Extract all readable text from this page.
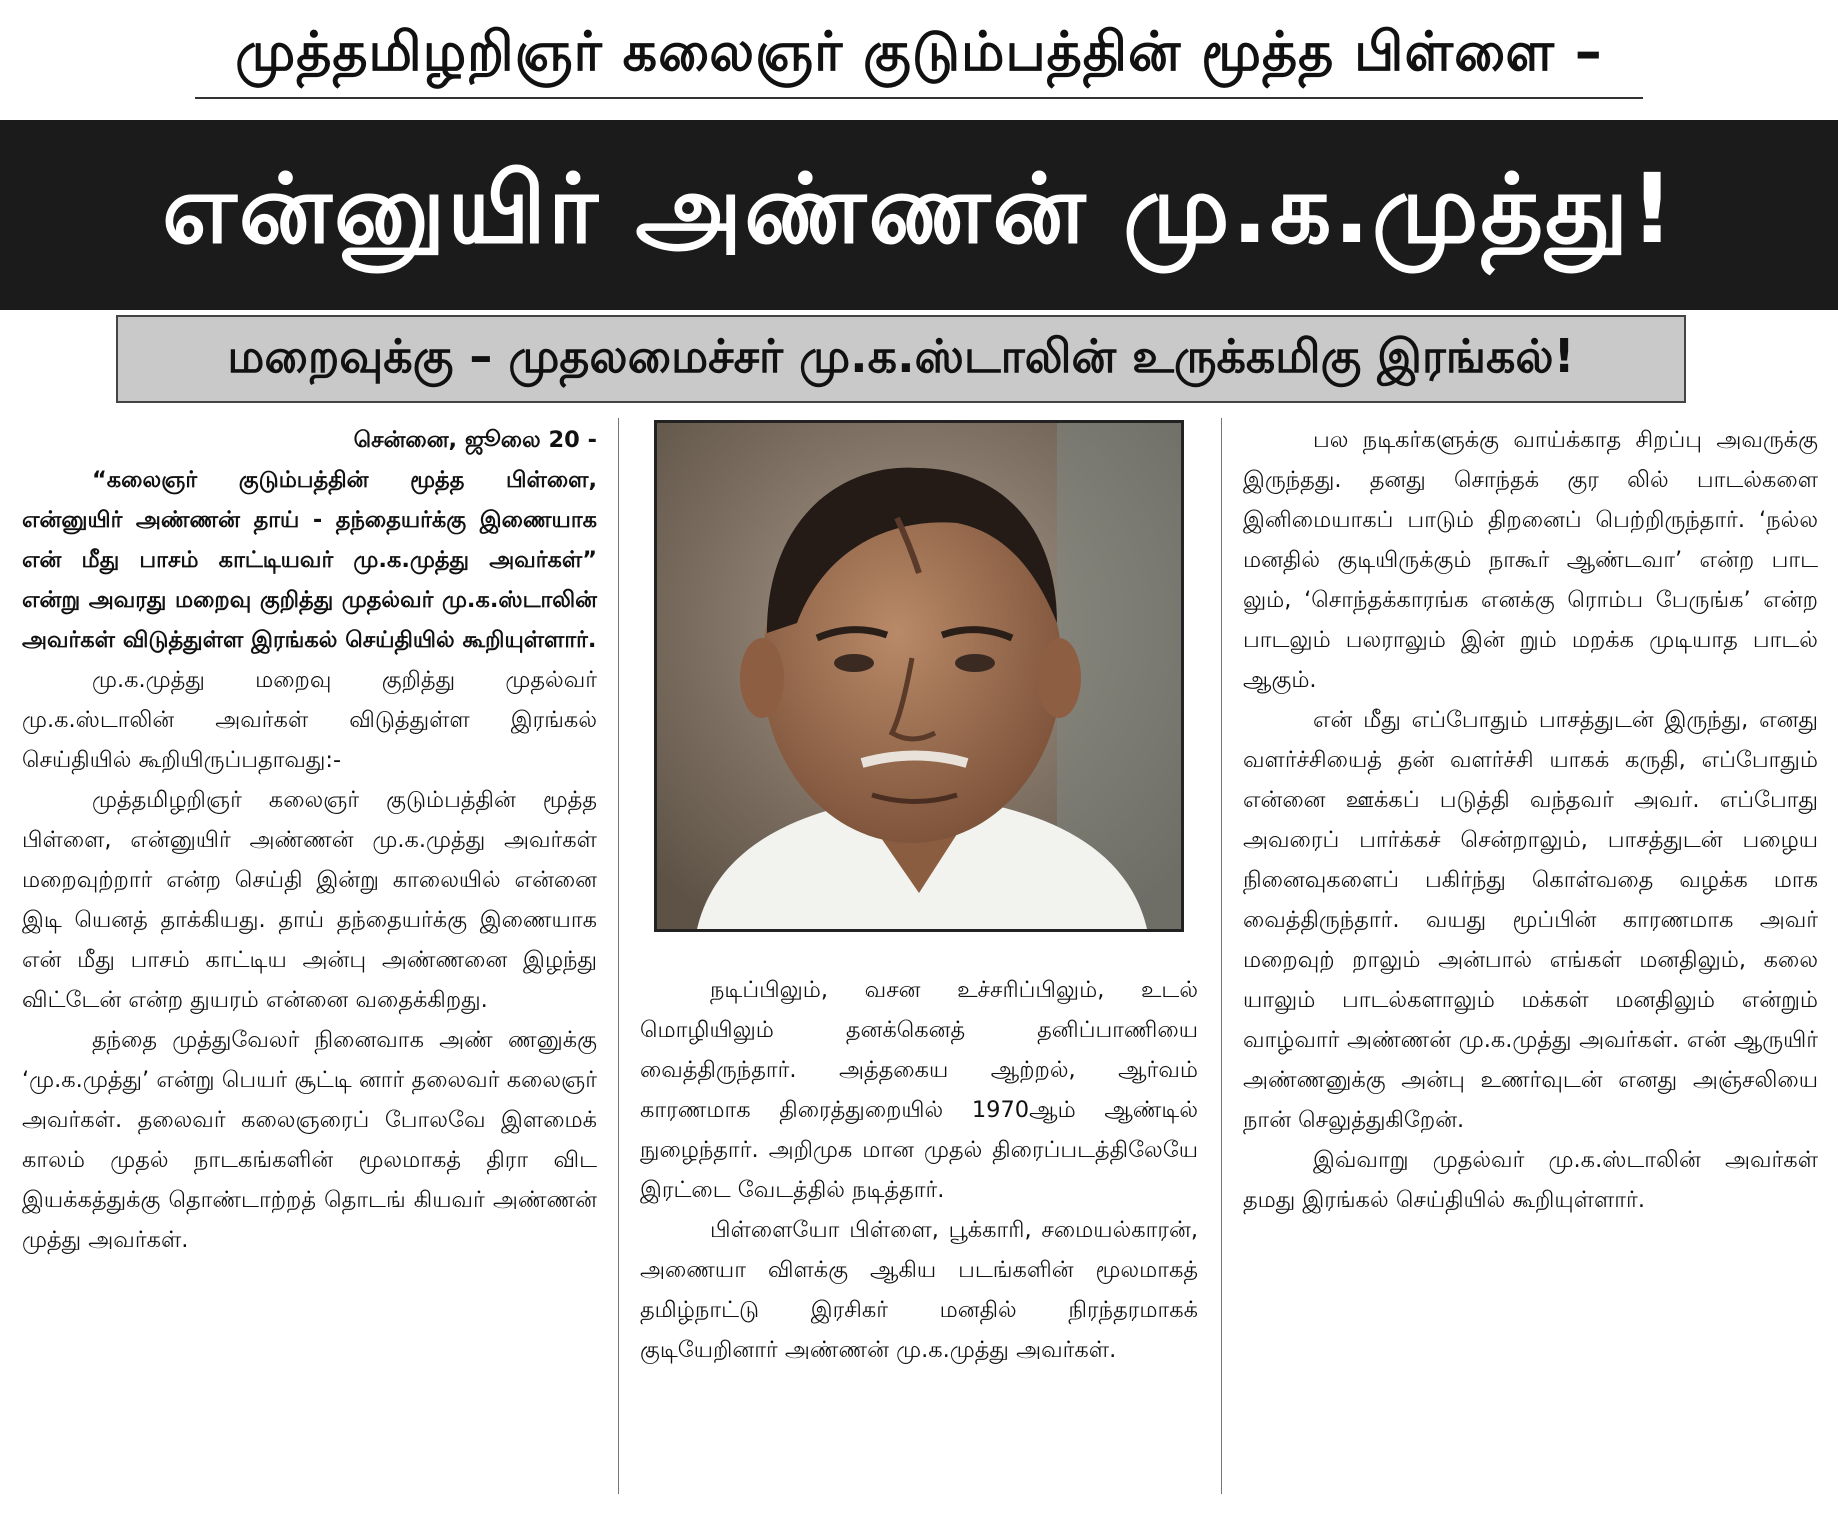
முத்தமிழறிஞர் கலைஞர் குடும்பத்தின் மூத்த பிள்ளை –
என்னுயிர் அண்ணன் மு.க.முத்து!
மறைவுக்கு – முதலமைச்சர் மு.க.ஸ்டாலின் உருக்கமிகு இரங்கல்!

சென்னை, ஜூலை 20 -

“கலைஞர் குடும்பத்தின் மூத்த பிள்ளை, என்னுயிர் அண்ணன் தாய் - தந்தையர்க்கு இணையாக என் மீது பாசம் காட்டியவர் மு.க.முத்து அவர்கள்” என்று அவரது மறைவு குறித்து முதல்வர் மு.க.ஸ்டாலின் அவர்கள் விடுத்துள்ள இரங்கல் செய்தியில் கூறியுள்ளார்.

மு.க.முத்து மறைவு குறித்து முதல்வர் மு.க.ஸ்டாலின் அவர்கள் விடுத்துள்ள இரங்கல் செய்தியில் கூறியிருப்பதாவது:-

முத்தமிழறிஞர் கலைஞர் குடும்பத்தின் மூத்த பிள்ளை, என்னுயிர் அண்ணன் மு.க.முத்து அவர்கள் மறைவுற்றார் என்ற செய்தி இன்று காலையில் என்னை இடி யெனத் தாக்கியது. தாய் தந்தையர்க்கு இணையாக என் மீது பாசம் காட்டிய அன்பு அண்ணனை இழந்து விட்டேன் என்ற துயரம் என்னை வதைக்கிறது.

தந்தை முத்துவேலர் நினைவாக அண் ணனுக்கு ‘மு.க.முத்து’ என்று பெயர் சூட்டி னார் தலைவர் கலைஞர் அவர்கள். தலைவர் கலைஞரைப் போலவே இளமைக் காலம் முதல் நாடகங்களின் மூலமாகத் திரா விட இயக்கத்துக்கு தொண்டாற்றத் தொடங் கியவர் அண்ணன் முத்து அவர்கள்.

நடிப்பிலும், வசன உச்சரிப்பிலும், உடல் மொழியிலும் தனக்கெனத் தனிப்பாணியை வைத்திருந்தார். அத்தகைய ஆற்றல், ஆர்வம் காரணமாக திரைத்துறையில் 1970ஆம் ஆண்டில் நுழைந்தார். அறிமுக மான முதல் திரைப்படத்திலேயே இரட்டை வேடத்தில் நடித்தார்.

பிள்ளையோ பிள்ளை, பூக்காரி, சமையல்காரன், அணையா விளக்கு ஆகிய படங்களின் மூலமாகத் தமிழ்நாட்டு இரசிகர் மனதில் நிரந்தரமாகக் குடியேறினார் அண்ணன் மு.க.முத்து அவர்கள்.

பல நடிகர்களுக்கு வாய்க்காத சிறப்பு அவருக்கு இருந்தது. தனது சொந்தக் குர லில் பாடல்களை இனிமையாகப் பாடும் திறனைப் பெற்றிருந்தார். ‘நல்ல மனதில் குடியிருக்கும் நாகூர் ஆண்டவா’ என்ற பாட லும், ‘சொந்தக்காரங்க எனக்கு ரொம்ப பேருங்க’ என்ற பாடலும் பலராலும் இன் றும் மறக்க முடியாத பாடல் ஆகும்.

என் மீது எப்போதும் பாசத்துடன் இருந்து, எனது வளர்ச்சியைத் தன் வளர்ச்சி யாகக் கருதி, எப்போதும் என்னை ஊக்கப் படுத்தி வந்தவர் அவர். எப்போது அவரைப் பார்க்கச் சென்றாலும், பாசத்துடன் பழைய நினைவுகளைப் பகிர்ந்து கொள்வதை வழக்க மாக வைத்திருந்தார். வயது மூப்பின் காரணமாக அவர் மறைவுற் றாலும் அன்பால் எங்கள் மனதிலும், கலை யாலும் பாடல்களாலும் மக்கள் மனதிலும் என்றும் வாழ்வார் அண்ணன் மு.க.முத்து அவர்கள். என் ஆருயிர் அண்ணனுக்கு அன்பு உணர்வுடன் எனது அஞ்சலியை நான் செலுத்துகிறேன்.

இவ்வாறு முதல்வர் மு.க.ஸ்டாலின் அவர்கள் தமது இரங்கல் செய்தியில் கூறியுள்ளார்.
